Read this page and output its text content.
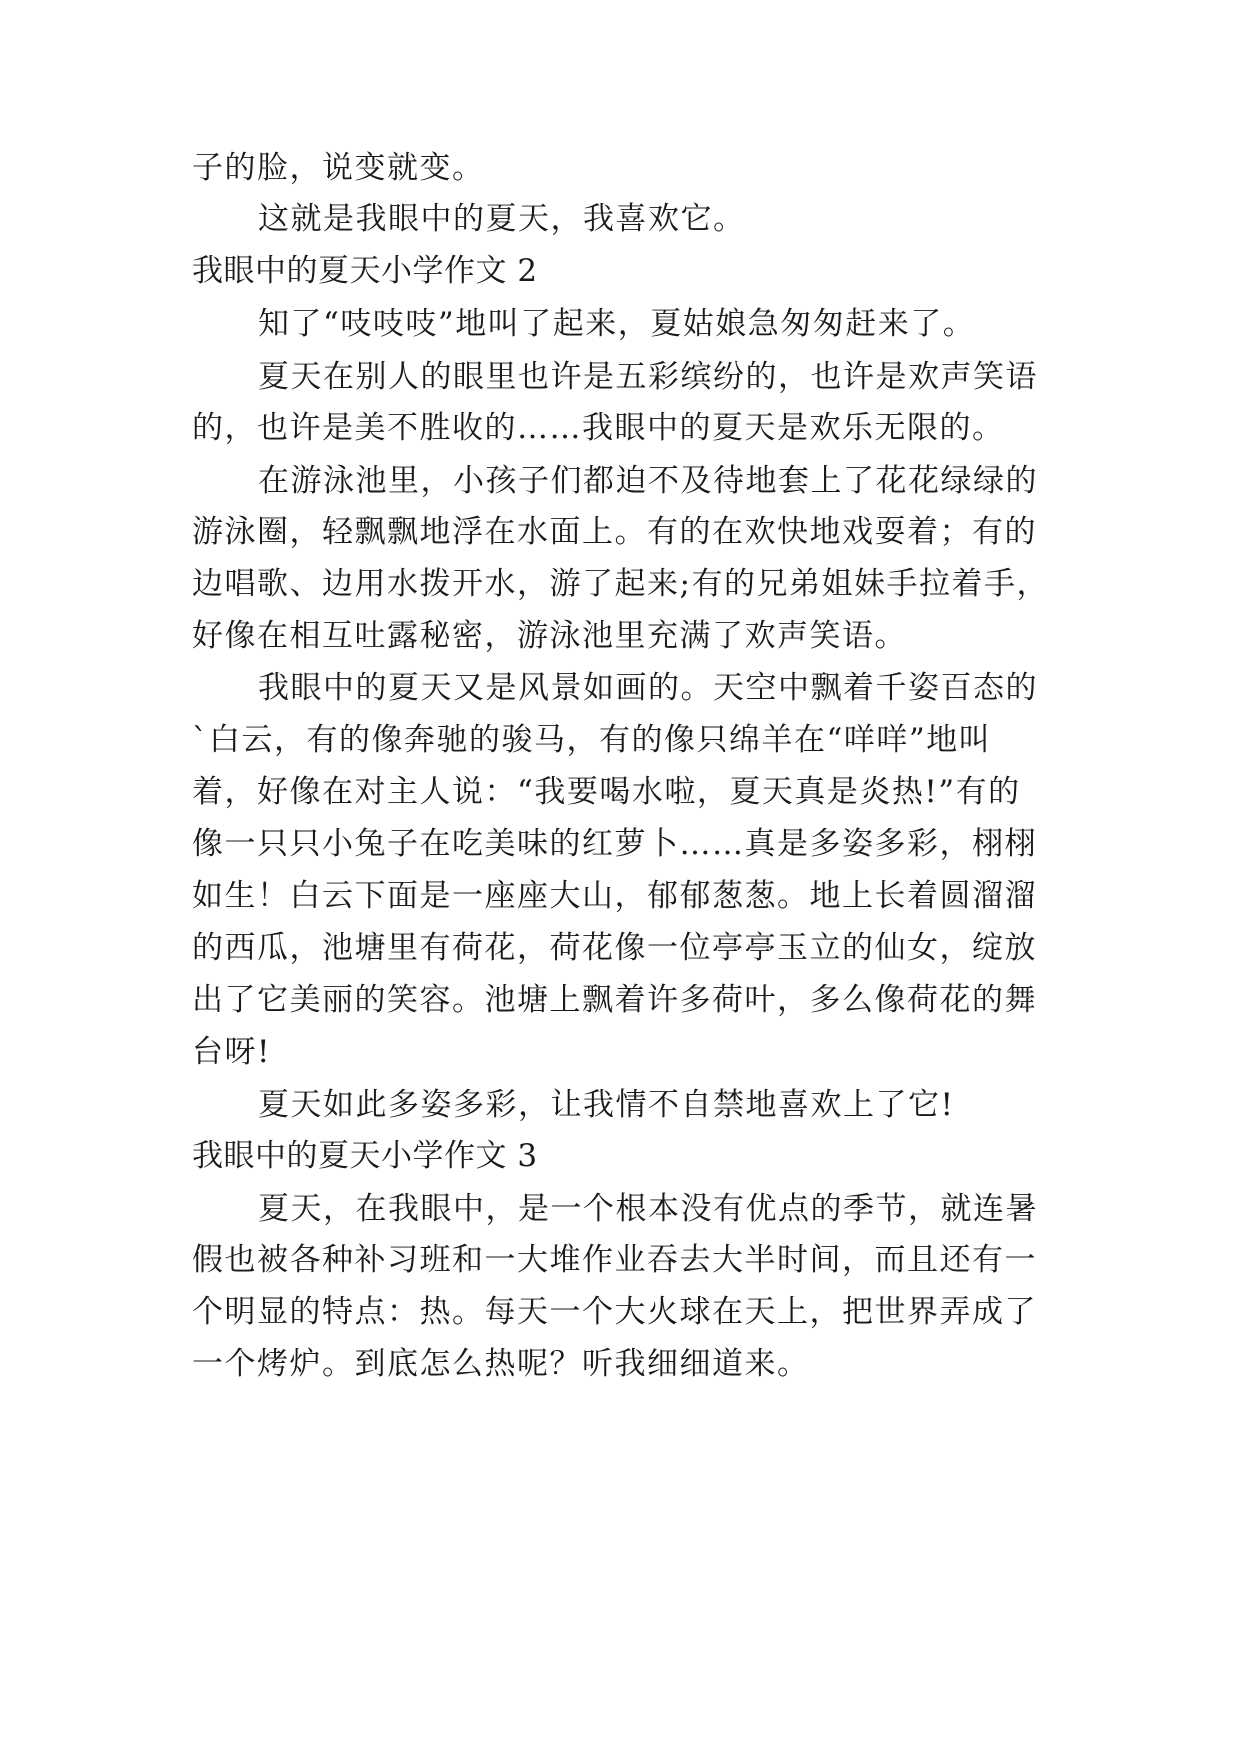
子的脸，说变就变。
这就是我眼中的夏天，我喜欢它。
我眼中的夏天小学作文 2
知了“吱吱吱”地叫了起来，夏姑娘急匆匆赶来了。
夏天在别人的眼里也许是五彩缤纷的，也许是欢声笑语
的，也许是美不胜收的……我眼中的夏天是欢乐无限的。
在游泳池里，小孩子们都迫不及待地套上了花花绿绿的
游泳圈，轻飘飘地浮在水面上。有的在欢快地戏耍着；有的
边唱歌、边用水拨开水，游了起来;有的兄弟姐妹手拉着手，
好像在相互吐露秘密，游泳池里充满了欢声笑语。
我眼中的夏天又是风景如画的。天空中飘着千姿百态的
`白云，有的像奔驰的骏马，有的像只绵羊在“咩咩”地叫
着，好像在对主人说：“我要喝水啦，夏天真是炎热!”有的
像一只只小兔子在吃美味的红萝卜……真是多姿多彩，栩栩
如生！白云下面是一座座大山，郁郁葱葱。地上长着圆溜溜
的西瓜，池塘里有荷花，荷花像一位亭亭玉立的仙女，绽放
出了它美丽的笑容。池塘上飘着许多荷叶，多么像荷花的舞
台呀!
夏天如此多姿多彩，让我情不自禁地喜欢上了它!
我眼中的夏天小学作文 3
夏天，在我眼中，是一个根本没有优点的季节，就连暑
假也被各种补习班和一大堆作业吞去大半时间，而且还有一
个明显的特点：热。每天一个大火球在天上，把世界弄成了
一个烤炉。到底怎么热呢？听我细细道来。
